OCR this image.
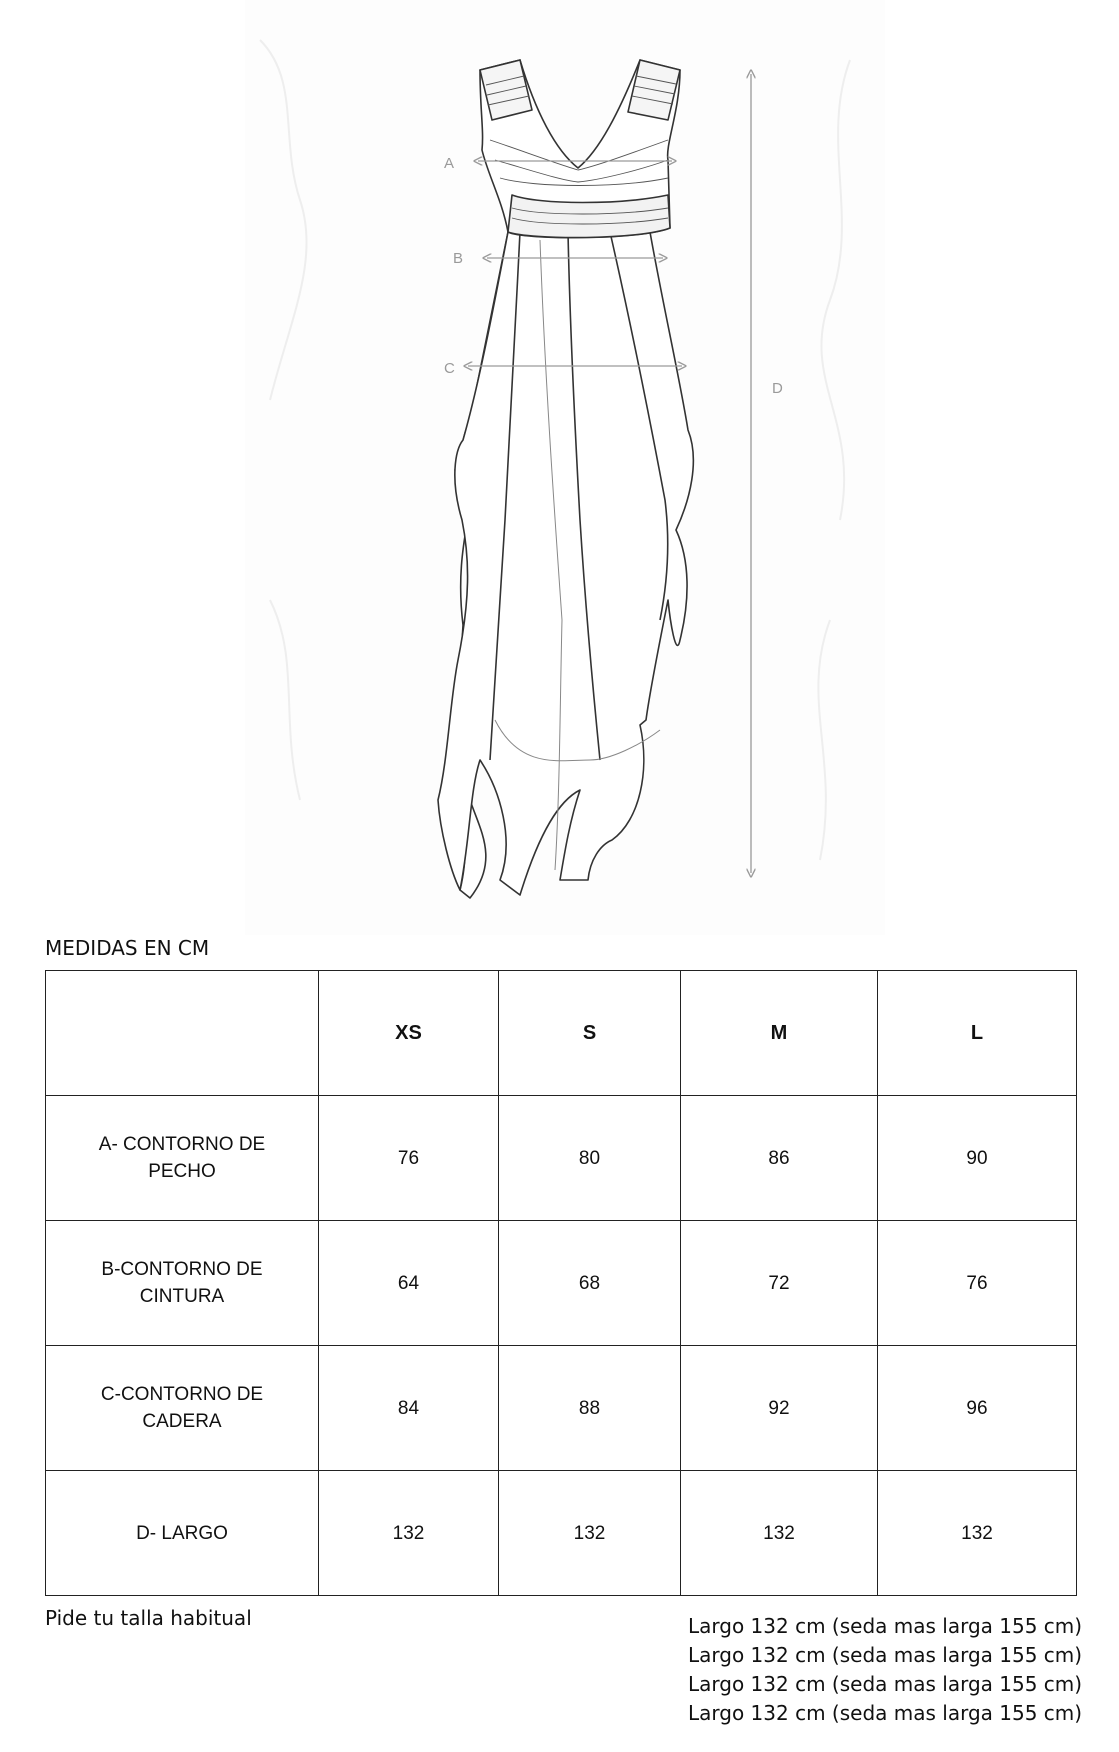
A
B
C
D
MEDIDAS EN CM
	XS	S	M	L
A- CONTORNO DE
PECHO	76	80	86	90
B-CONTORNO DE
CINTURA	64	68	72	76
C-CONTORNO DE
CADERA	84	88	92	96
D- LARGO	132	132	132	132
Pide tu talla habitual	Largo 132 cm (seda mas larga 155 cm)
Largo 132 cm (seda mas larga 155 cm)
Largo 132 cm (seda mas larga 155 cm)
Largo 132 cm (seda mas larga 155 cm)
